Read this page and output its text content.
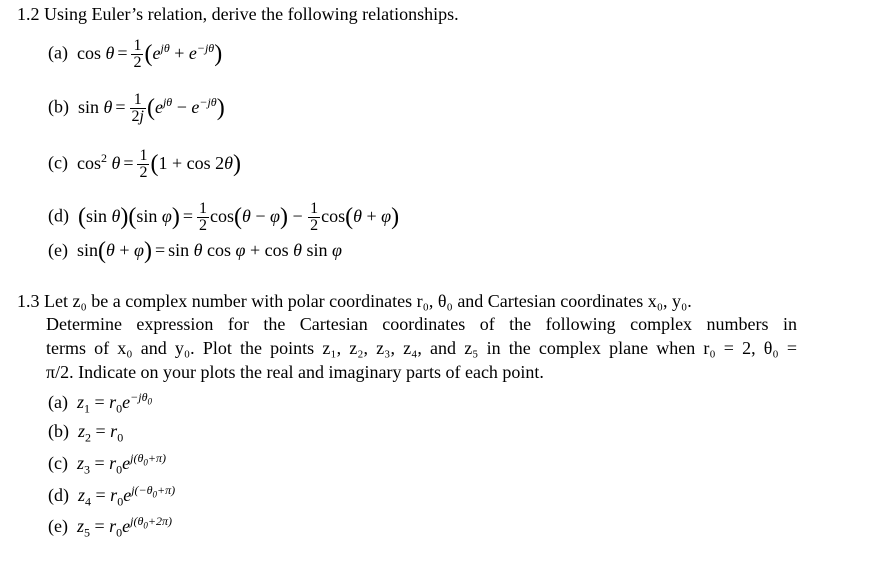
1.2 Using Euler’s relation, derive the following relationships.
(a)  $\cos \theta = \frac{1}{2} (e^{j\theta} + e^{-j\theta})$
(b)  $\sin \theta = \frac{1}{2j} (e^{j\theta} - e^{-j\theta})$
(c)  $\cos^2 \theta = \frac{1}{2} (1 + \cos 2\theta)$
(d) (sin θ)(sin $\varphi) = \frac{1}{2} \cos(\theta - \varphi) - \frac{1}{2} \cos(\theta + \varphi)$
(e)  sin(θ + φ) = sin θ cos φ + cos θ sin φ
1.3 Let z₀ be a complex number with polar coordinates r₀, θ₀ and Cartesian coordinates x₀, y₀.
Determine expression for the Cartesian coordinates of the following complex numbers in
terms of x₀ and y₀. Plot the points z₁, z₂, z₃, z₄, and z₅ in the complex plane when r₀ = 2, θ₀ =
π/2. Indicate on your plots the real and imaginary parts of each point.
(a) $z_1 = r_0e^{-j\theta_0}$
(b) $z_2 = r_0$
(c) $z_3 = r_0e^{j(\theta_0+\pi)}$
(d) $z_4 = r_0e^{j(-\theta_0+\pi)}$
(e) $z_5 = r_0e^{j(\theta_0+2\pi)}$
